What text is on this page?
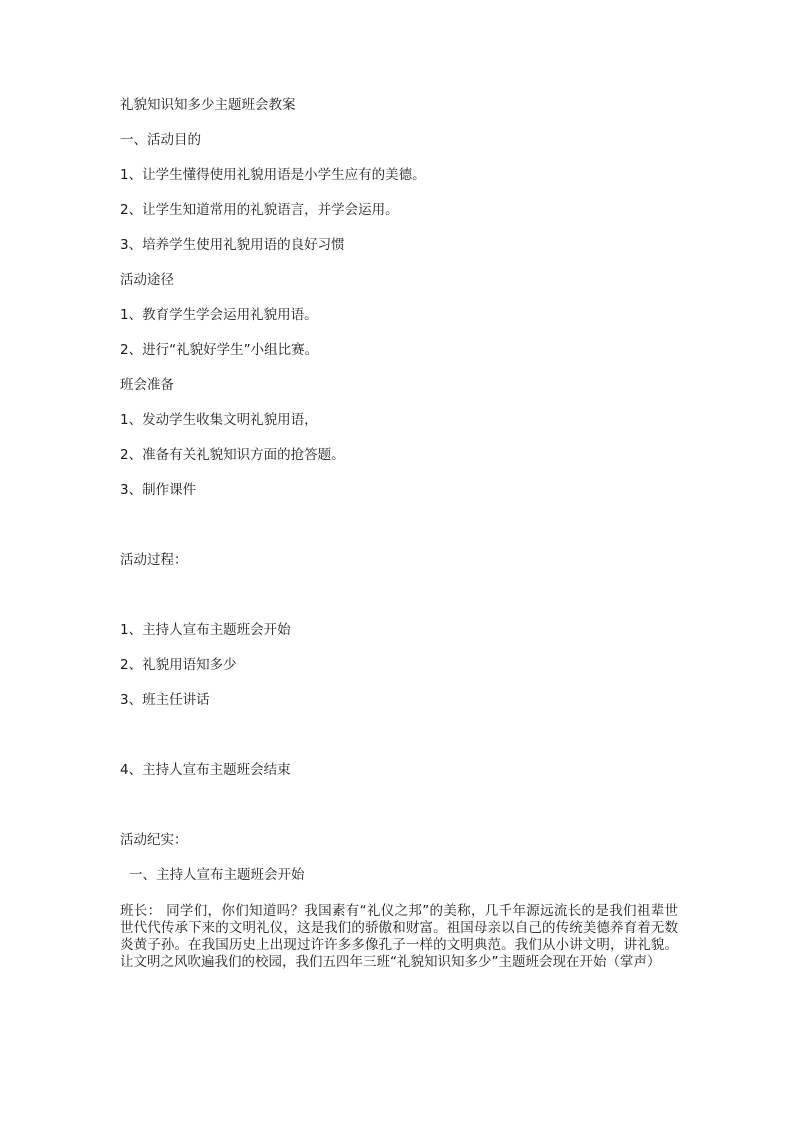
礼貌知识知多少主题班会教案
一、活动目的
1、让学生懂得使用礼貌用语是小学生应有的美德。
2、让学生知道常用的礼貌语言，并学会运用。
3、培养学生使用礼貌用语的良好习惯
活动途径
1、教育学生学会运用礼貌用语。
2、进行“礼貌好学生”小组比赛。
班会准备
1、发动学生收集文明礼貌用语，
2、准备有关礼貌知识方面的抢答题。
3、制作课件
活动过程：
1、主持人宣布主题班会开始
2、礼貌用语知多少
3、班主任讲话
4、主持人宣布主题班会结束
活动纪实：
一、主持人宣布主题班会开始
班长： 同学们，你们知道吗？我国素有“礼仪之邦”的美称，几千年源远流长的是我们祖辈世世代代传承下来的文明礼仪，这是我们的骄傲和财富。祖国母亲以自己的传统美德养育着无数炎黄子孙。在我国历史上出现过许许多多像孔子一样的文明典范。我们从小讲文明，讲礼貌。让文明之风吹遍我们的校园，我们五四年三班“礼貌知识知多少”主题班会现在开始（掌声）
